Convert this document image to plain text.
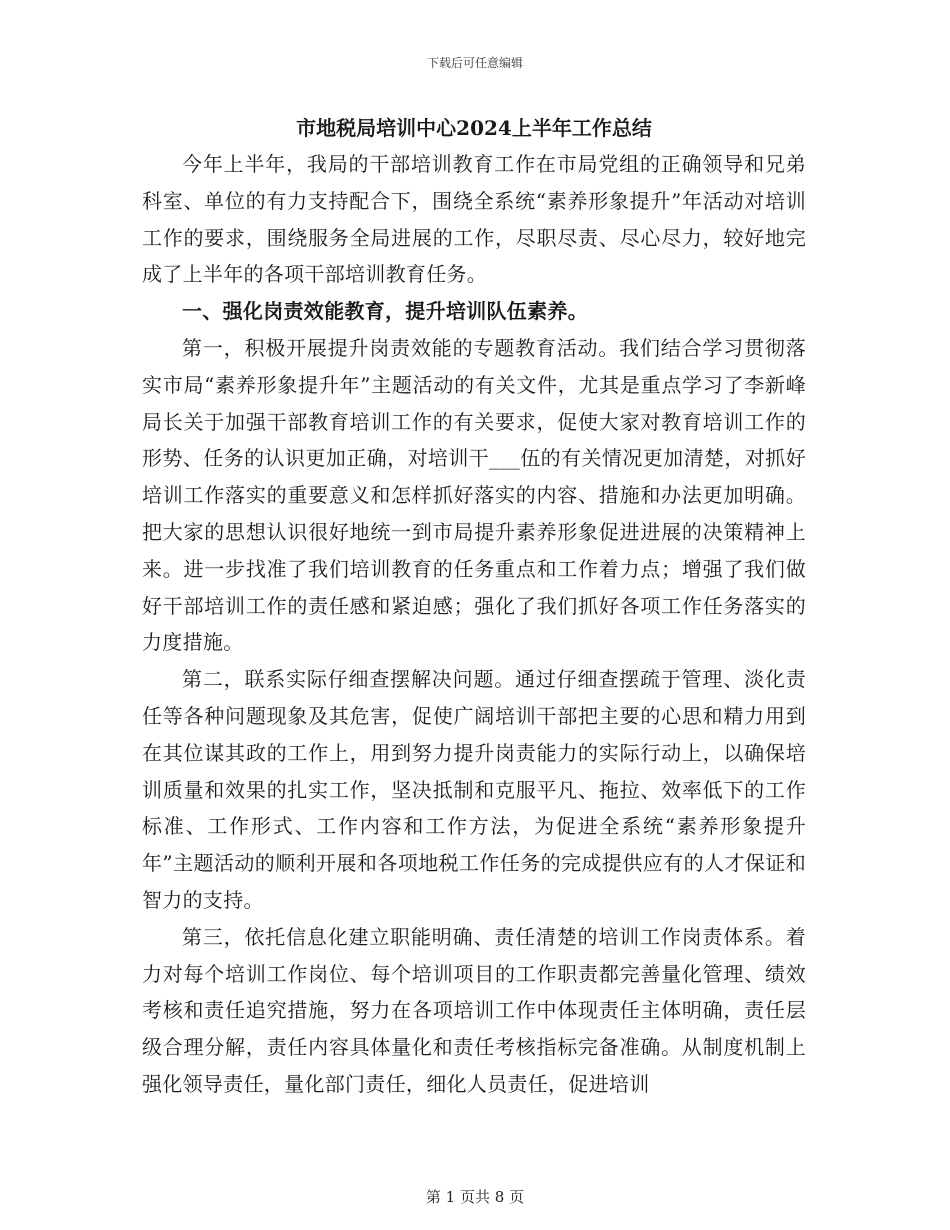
下载后可任意编辑
市地税局培训中心2024上半年工作总结

今年上半年，我局的干部培训教育工作在市局党组的正确领导和兄弟科室、单位的有力支持配合下，围绕全系统“素养形象提升”年活动对培训工作的要求，围绕服务全局进展的工作，尽职尽责、尽心尽力，较好地完成了上半年的各项干部培训教育任务。

一、强化岗责效能教育，提升培训队伍素养。

第一，积极开展提升岗责效能的专题教育活动。我们结合学习贯彻落实市局“素养形象提升年”主题活动的有关文件，尤其是重点学习了李新峰局长关于加强干部教育培训工作的有关要求，促使大家对教育培训工作的形势、任务的认识更加正确，对培训干___伍的有关情况更加清楚，对抓好培训工作落实的重要意义和怎样抓好落实的内容、措施和办法更加明确。把大家的思想认识很好地统一到市局提升素养形象促进进展的决策精神上来。进一步找准了我们培训教育的任务重点和工作着力点；增强了我们做好干部培训工作的责任感和紧迫感；强化了我们抓好各项工作任务落实的力度措施。

第二，联系实际仔细查摆解决问题。通过仔细查摆疏于管理、淡化责任等各种问题现象及其危害，促使广阔培训干部把主要的心思和精力用到在其位谋其政的工作上，用到努力提升岗责能力的实际行动上，以确保培训质量和效果的扎实工作，坚决抵制和克服平凡、拖拉、效率低下的工作标准、工作形式、工作内容和工作方法，为促进全系统“素养形象提升年”主题活动的顺利开展和各项地税工作任务的完成提供应有的人才保证和智力的支持。

第三，依托信息化建立职能明确、责任清楚的培训工作岗责体系。着力对每个培训工作岗位、每个培训项目的工作职责都完善量化管理、绩效考核和责任追究措施，努力在各项培训工作中体现责任主体明确，责任层级合理分解，责任内容具体量化和责任考核指标完备准确。从制度机制上强化领导责任，量化部门责任，细化人员责任，促进培训

第 1 页共 8 页
